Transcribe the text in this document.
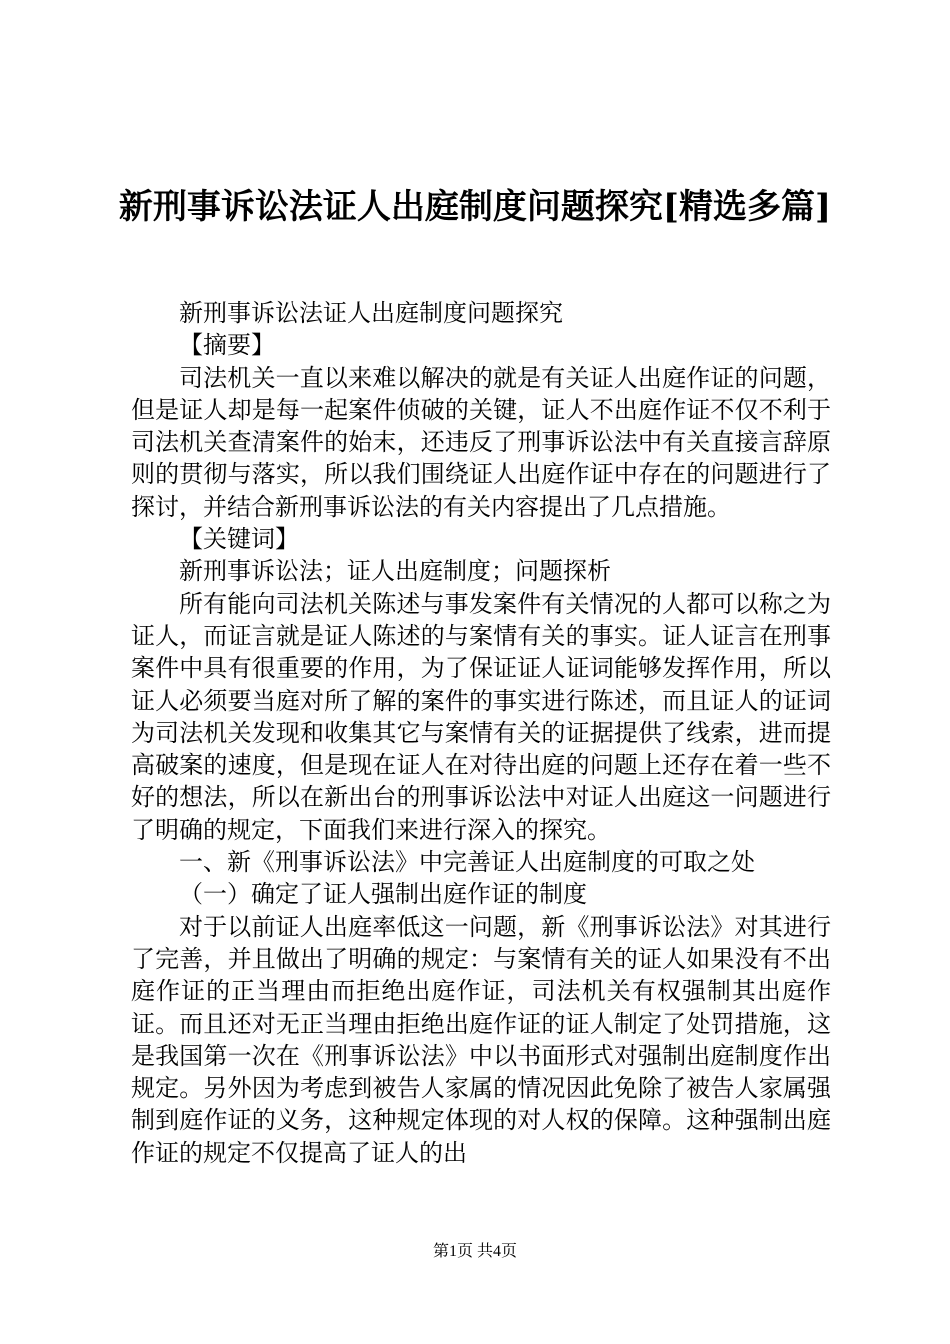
新刑事诉讼法证人出庭制度问题探究[精选多篇]

新刑事诉讼法证人出庭制度问题探究

【摘要】

司法机关一直以来难以解决的就是有关证人出庭作证的问题，但是证人却是每一起案件侦破的关键，证人不出庭作证不仅不利于司法机关查清案件的始末，还违反了刑事诉讼法中有关直接言辞原则的贯彻与落实，所以我们围绕证人出庭作证中存在的问题进行了探讨，并结合新刑事诉讼法的有关内容提出了几点措施。

【关键词】

新刑事诉讼法；证人出庭制度；问题探析

所有能向司法机关陈述与事发案件有关情况的人都可以称之为证人，而证言就是证人陈述的与案情有关的事实。证人证言在刑事案件中具有很重要的作用，为了保证证人证词能够发挥作用，所以证人必须要当庭对所了解的案件的事实进行陈述，而且证人的证词为司法机关发现和收集其它与案情有关的证据提供了线索，进而提高破案的速度，但是现在证人在对待出庭的问题上还存在着一些不好的想法，所以在新出台的刑事诉讼法中对证人出庭这一问题进行了明确的规定，下面我们来进行深入的探究。

一、新《刑事诉讼法》中完善证人出庭制度的可取之处

（一）确定了证人强制出庭作证的制度

对于以前证人出庭率低这一问题，新《刑事诉讼法》对其进行了完善，并且做出了明确的规定：与案情有关的证人如果没有不出庭作证的正当理由而拒绝出庭作证，司法机关有权强制其出庭作证。而且还对无正当理由拒绝出庭作证的证人制定了处罚措施，这是我国第一次在《刑事诉讼法》中以书面形式对强制出庭制度作出规定。另外因为考虑到被告人家属的情况因此免除了被告人家属强制到庭作证的义务，这种规定体现的对人权的保障。这种强制出庭作证的规定不仅提高了证人的出

第1页 共4页
